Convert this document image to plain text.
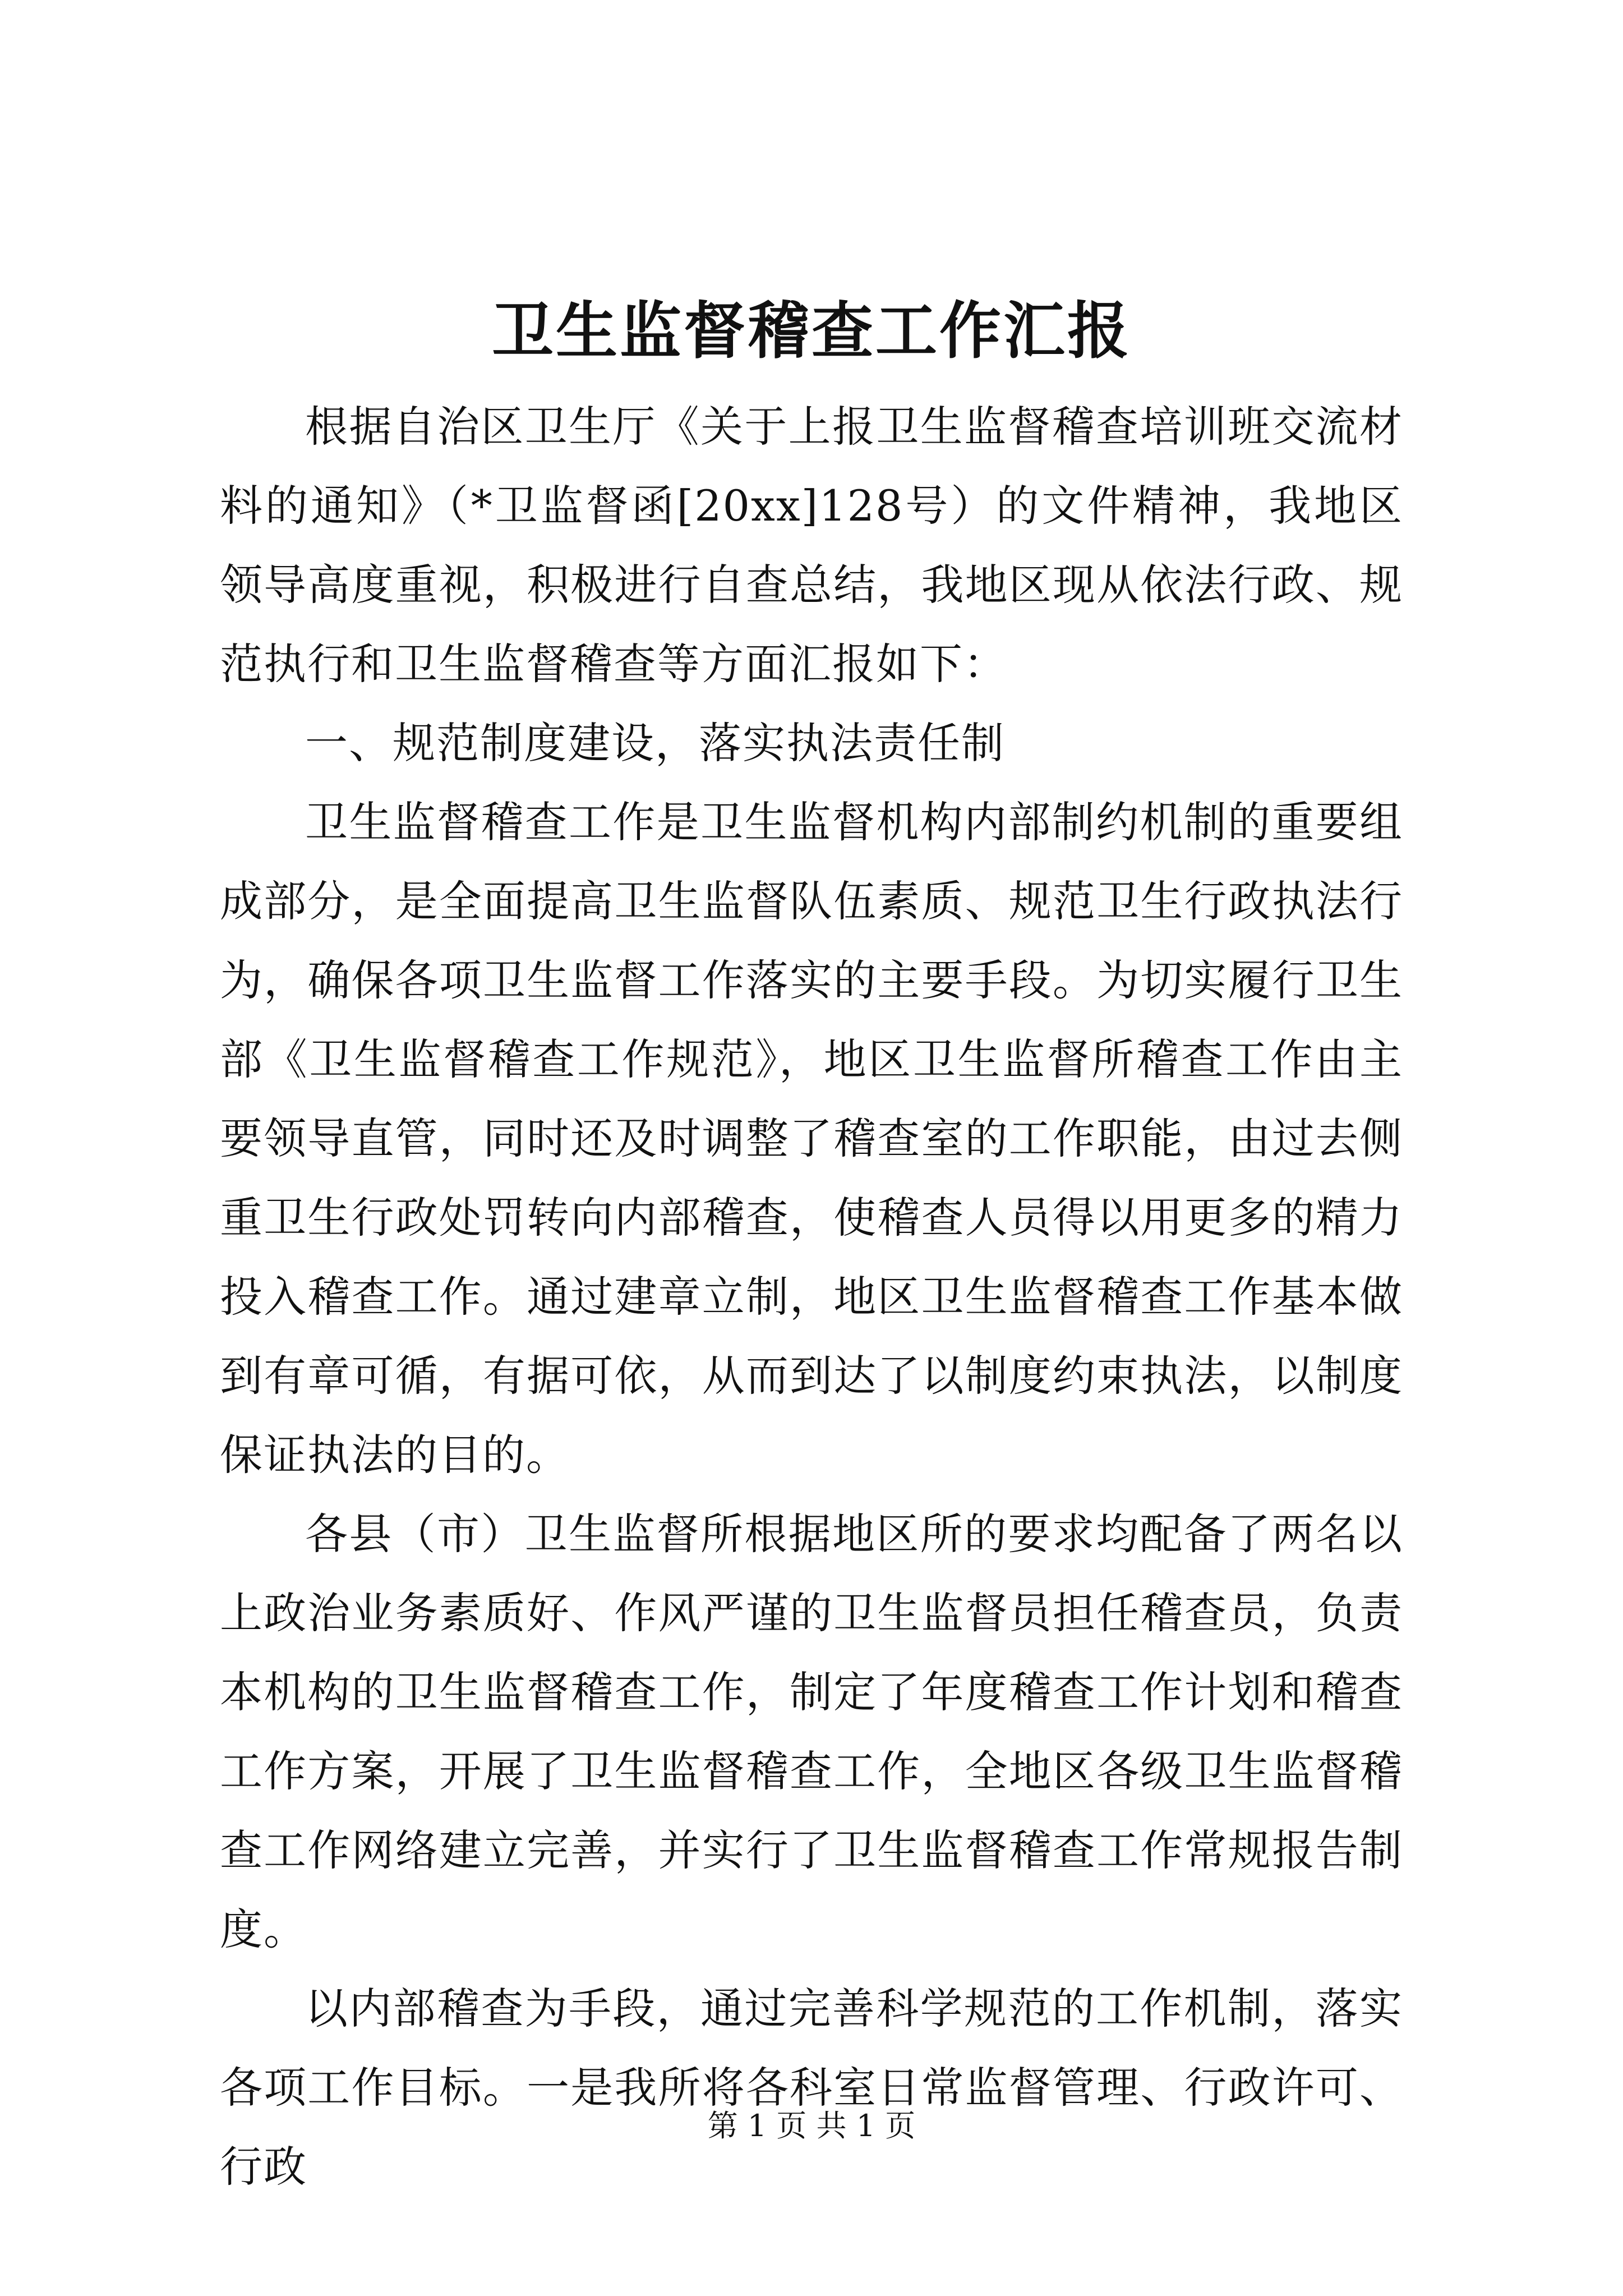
卫生监督稽查工作汇报

根据自治区卫生厅《关于上报卫生监督稽查培训班交流材料的通知》（*卫监督函[20xx]128号）的文件精神，我地区领导高度重视，积极进行自查总结，我地区现从依法行政、规范执行和卫生监督稽查等方面汇报如下：

一、规范制度建设，落实执法责任制

卫生监督稽查工作是卫生监督机构内部制约机制的重要组成部分，是全面提高卫生监督队伍素质、规范卫生行政执法行为，确保各项卫生监督工作落实的主要手段。为切实履行卫生部《卫生监督稽查工作规范》，地区卫生监督所稽查工作由主要领导直管，同时还及时调整了稽查室的工作职能，由过去侧重卫生行政处罚转向内部稽查，使稽查人员得以用更多的精力投入稽查工作。通过建章立制，地区卫生监督稽查工作基本做到有章可循，有据可依，从而到达了以制度约束执法，以制度保证执法的目的。

各县（市）卫生监督所根据地区所的要求均配备了两名以上政治业务素质好、作风严谨的卫生监督员担任稽查员，负责本机构的卫生监督稽查工作，制定了年度稽查工作计划和稽查工作方案，开展了卫生监督稽查工作，全地区各级卫生监督稽查工作网络建立完善，并实行了卫生监督稽查工作常规报告制度。

以内部稽查为手段，通过完善科学规范的工作机制，落实各项工作目标。一是我所将各科室日常监督管理、行政许可、行政

第 1 页 共 1 页
